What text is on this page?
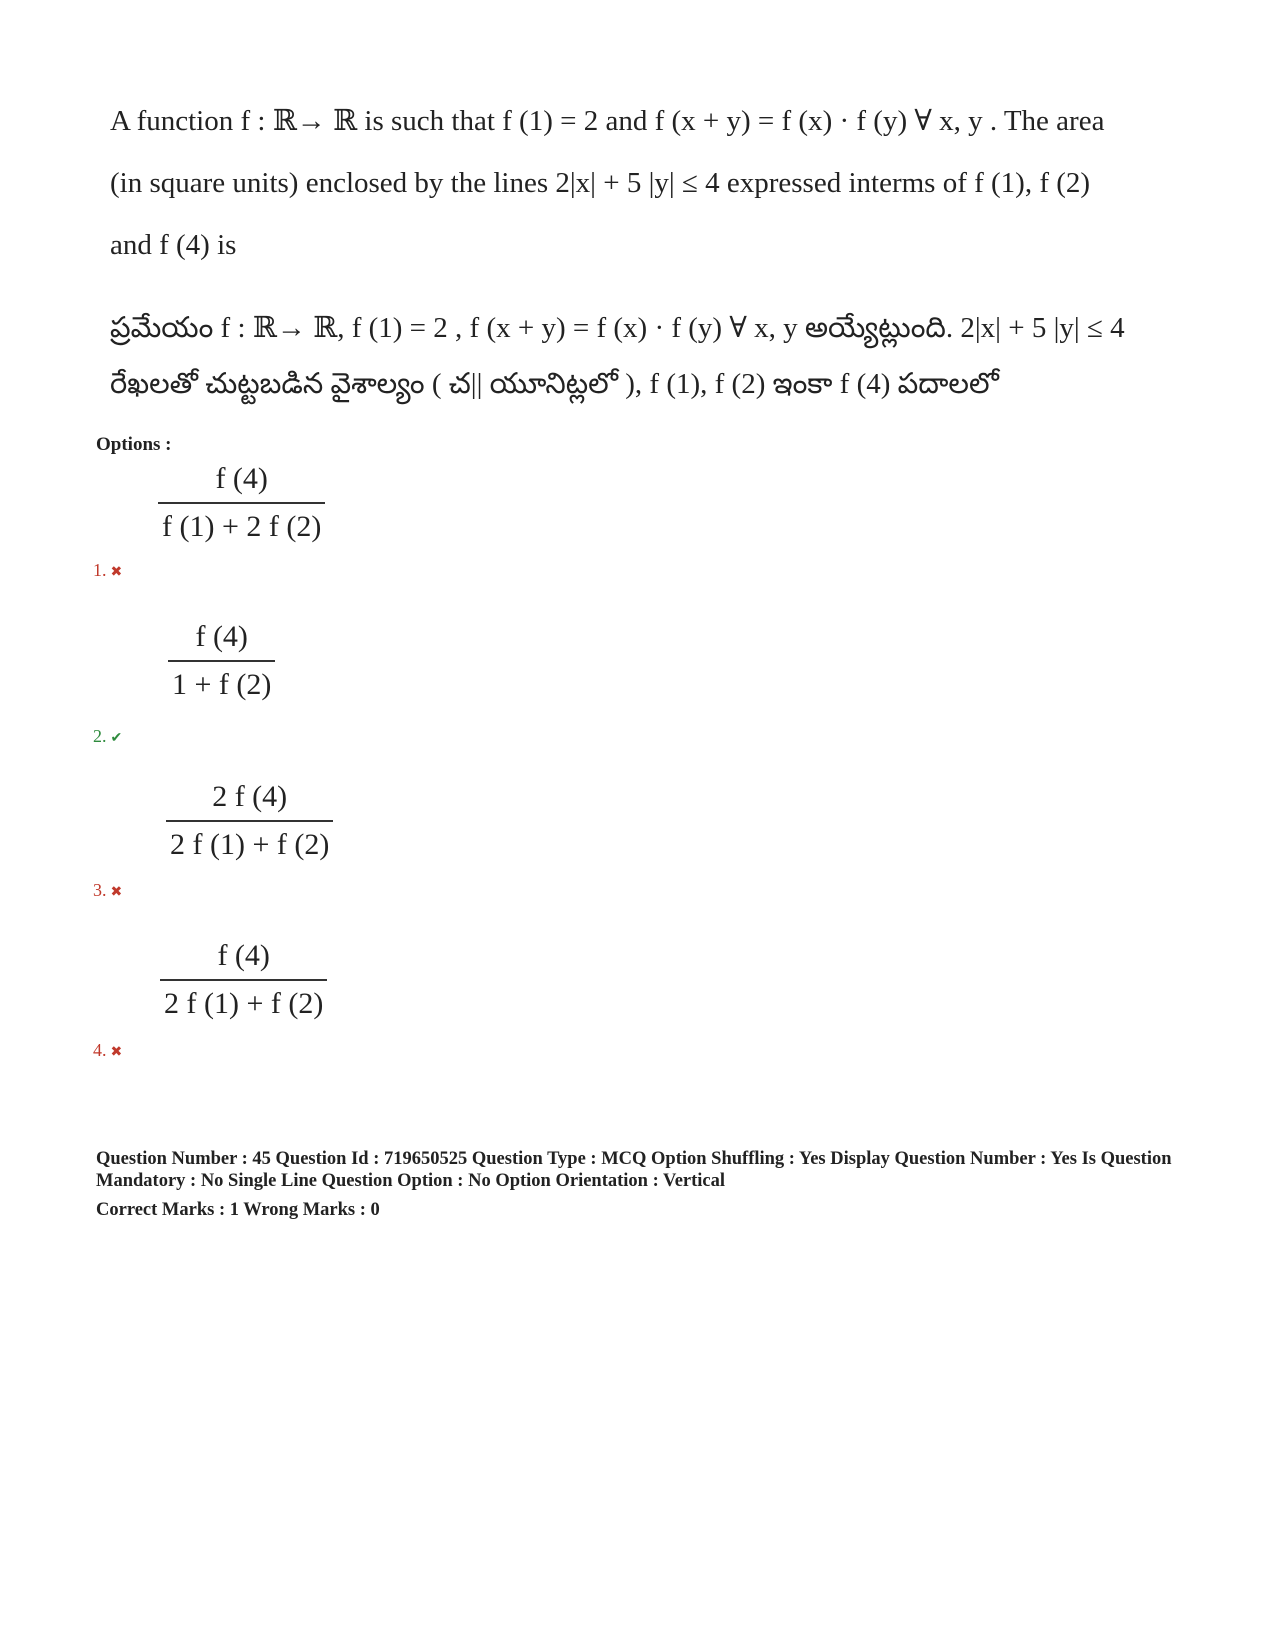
A function f : ℝ→ ℝ is such that f (1) = 2 and f (x + y) = f (x) · f (y) ∀ x, y . The area
(in square units) enclosed by the lines 2|x| + 5 |y| ≤ 4 expressed interms of f (1), f (2)
and f (4) is
ప్రమేయం f : ℝ→ ℝ, f (1) = 2 , f (x + y) = f (x) · f (y) ∀ x, y అయ్యేట్లుంది. 2|x| + 5 |y| ≤ 4
రేఖలతో చుట్టబడిన వైశాల్యం ( చ|| యూనిట్లలో ), f (1), f (2) ఇంకా f (4) పదాలలో
Options :
f (4)
f (1) + 2 f (2)
1. ✖
f (4)
1 + f (2)
2. ✔
2 f (4)
2 f (1) + f (2)
3. ✖
f (4)
2 f (1) + f (2)
4. ✖
Question Number : 45 Question Id : 719650525 Question Type : MCQ Option Shuffling : Yes Display Question Number : Yes Is Question Mandatory : No Single Line Question Option : No Option Orientation : Vertical
Correct Marks : 1 Wrong Marks : 0
